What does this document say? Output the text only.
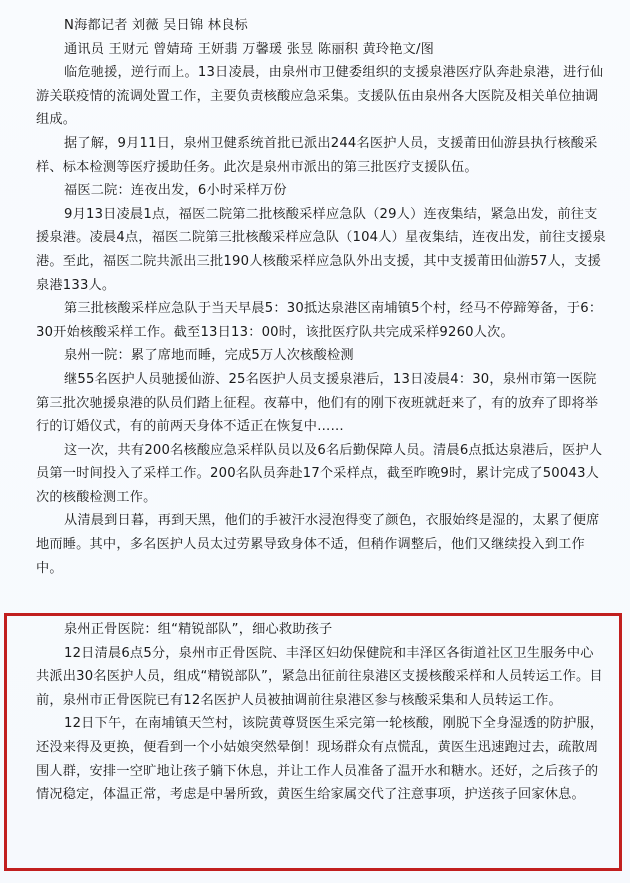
N海都记者 刘薇 吴日锦 林良标

通讯员 王财元 曾婧琦 王妍翡 万馨瑗 张昱 陈丽积 黄玲艳文/图

临危驰援，逆行而上。13日凌晨，由泉州市卫健委组织的支援泉港医疗队奔赴泉港，进行仙游关联疫情的流调处置工作，主要负责核酸应急采集。支援队伍由泉州各大医院及相关单位抽调组成。

据了解，9月11日，泉州卫健系统首批已派出244名医护人员，支援莆田仙游县执行核酸采样、标本检测等医疗援助任务。此次是泉州市派出的第三批医疗支援队伍。

福医二院：连夜出发，6小时采样万份

9月13日凌晨1点，福医二院第二批核酸采样应急队（29人）连夜集结，紧急出发，前往支援泉港。凌晨4点，福医二院第三批核酸采样应急队（104人）星夜集结，连夜出发，前往支援泉港。至此，福医二院共派出三批190人核酸采样应急队外出支援，其中支援莆田仙游57人，支援泉港133人。

第三批核酸采样应急队于当天早晨5：30抵达泉港区南埔镇5个村，经马不停蹄筹备，于6：30开始核酸采样工作。截至13日13：00时，该批医疗队共完成采样9260人次。

泉州一院：累了席地而睡，完成5万人次核酸检测

继55名医护人员驰援仙游、25名医护人员支援泉港后，13日凌晨4：30，泉州市第一医院第三批次驰援泉港的队员们踏上征程。夜幕中，他们有的刚下夜班就赶来了，有的放弃了即将举行的订婚仪式，有的前两天身体不适正在恢复中……

这一次，共有200名核酸应急采样队员以及6名后勤保障人员。清晨6点抵达泉港后，医护人员第一时间投入了采样工作。200名队员奔赴17个采样点，截至昨晚9时，累计完成了50043人次的核酸检测工作。

从清晨到日暮，再到天黑，他们的手被汗水浸泡得变了颜色，衣服始终是湿的，太累了便席地而睡。其中，多名医护人员太过劳累导致身体不适，但稍作调整后，他们又继续投入到工作中。

泉州正骨医院：组“精锐部队”，细心救助孩子

12日清晨6点5分，泉州市正骨医院、丰泽区妇幼保健院和丰泽区各街道社区卫生服务中心共派出30名医护人员，组成“精锐部队”，紧急出征前往泉港区支援核酸采样和人员转运工作。目前，泉州市正骨医院已有12名医护人员被抽调前往泉港区参与核酸采集和人员转运工作。

12日下午，在南埔镇天竺村，该院黄尊贤医生采完第一轮核酸，刚脱下全身湿透的防护服，还没来得及更换，便看到一个小姑娘突然晕倒！现场群众有点慌乱，黄医生迅速跑过去，疏散周围人群，安排一空旷地让孩子躺下休息，并让工作人员准备了温开水和糖水。还好，之后孩子的情况稳定，体温正常，考虑是中暑所致，黄医生给家属交代了注意事项，护送孩子回家休息。
